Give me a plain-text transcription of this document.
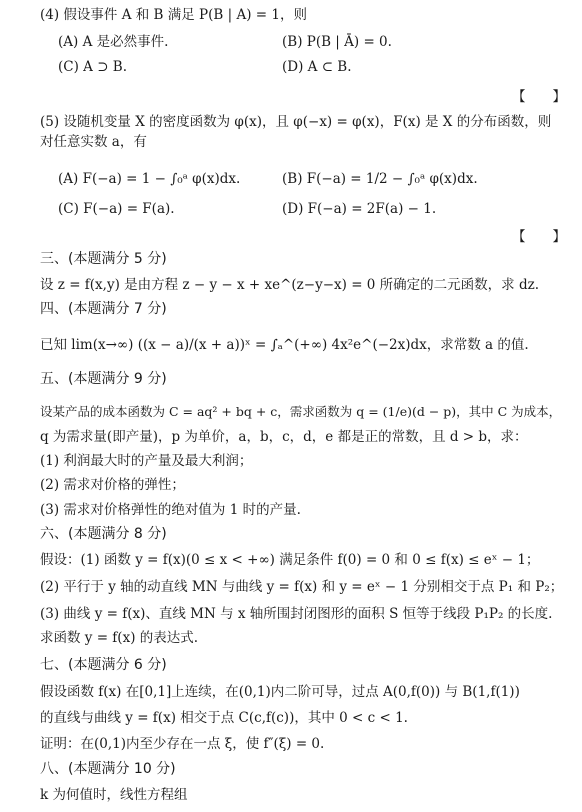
(4) 假设事件 A 和 B 满足 P(B | A) = 1，则
(A) A 是必然事件.	(B) P(B | Ā) = 0.
(C) A ⊃ B.	(D) A ⊂ B.
【　　】
(5) 设随机变量 X 的密度函数为 φ(x)，且 φ(−x) = φ(x)，F(x) 是 X 的分布函数，则
对任意实数 a，有
(A) F(−a) = 1 − ∫₀ᵃ φ(x)dx.	(B) F(−a) = 1/2 − ∫₀ᵃ φ(x)dx.
(C) F(−a) = F(a).	(D) F(−a) = 2F(a) − 1.
【　　】
三、(本题满分 5 分)
设 z = f(x,y) 是由方程 z − y − x + xe^(z−y−x) = 0 所确定的二元函数，求 dz.
四、(本题满分 7 分)
已知 lim(x→∞) ((x − a)/(x + a))ˣ = ∫ₐ^(+∞) 4x²e^(−2x)dx，求常数 a 的值.
五、(本题满分 9 分)
设某产品的成本函数为 C = aq² + bq + c，需求函数为 q = (1/e)(d − p)，其中 C 为成本，
q 为需求量(即产量)，p 为单价，a，b，c，d，e 都是正的常数，且 d > b，求：
(1) 利润最大时的产量及最大利润；
(2) 需求对价格的弹性；
(3) 需求对价格弹性的绝对值为 1 时的产量.
六、(本题满分 8 分)
假设：(1) 函数 y = f(x)(0 ≤ x < +∞) 满足条件 f(0) = 0 和 0 ≤ f(x) ≤ eˣ − 1；
(2) 平行于 y 轴的动直线 MN 与曲线 y = f(x) 和 y = eˣ − 1 分别相交于点 P₁ 和 P₂；
(3) 曲线 y = f(x)、直线 MN 与 x 轴所围封闭图形的面积 S 恒等于线段 P₁P₂ 的长度.
求函数 y = f(x) 的表达式.
七、(本题满分 6 分)
假设函数 f(x) 在[0,1]上连续，在(0,1)内二阶可导，过点 A(0,f(0)) 与 B(1,f(1))
的直线与曲线 y = f(x) 相交于点 C(c,f(c))，其中 0 < c < 1.
证明：在(0,1)内至少存在一点 ξ，使 f″(ξ) = 0.
八、(本题满分 10 分)
k 为何值时，线性方程组
